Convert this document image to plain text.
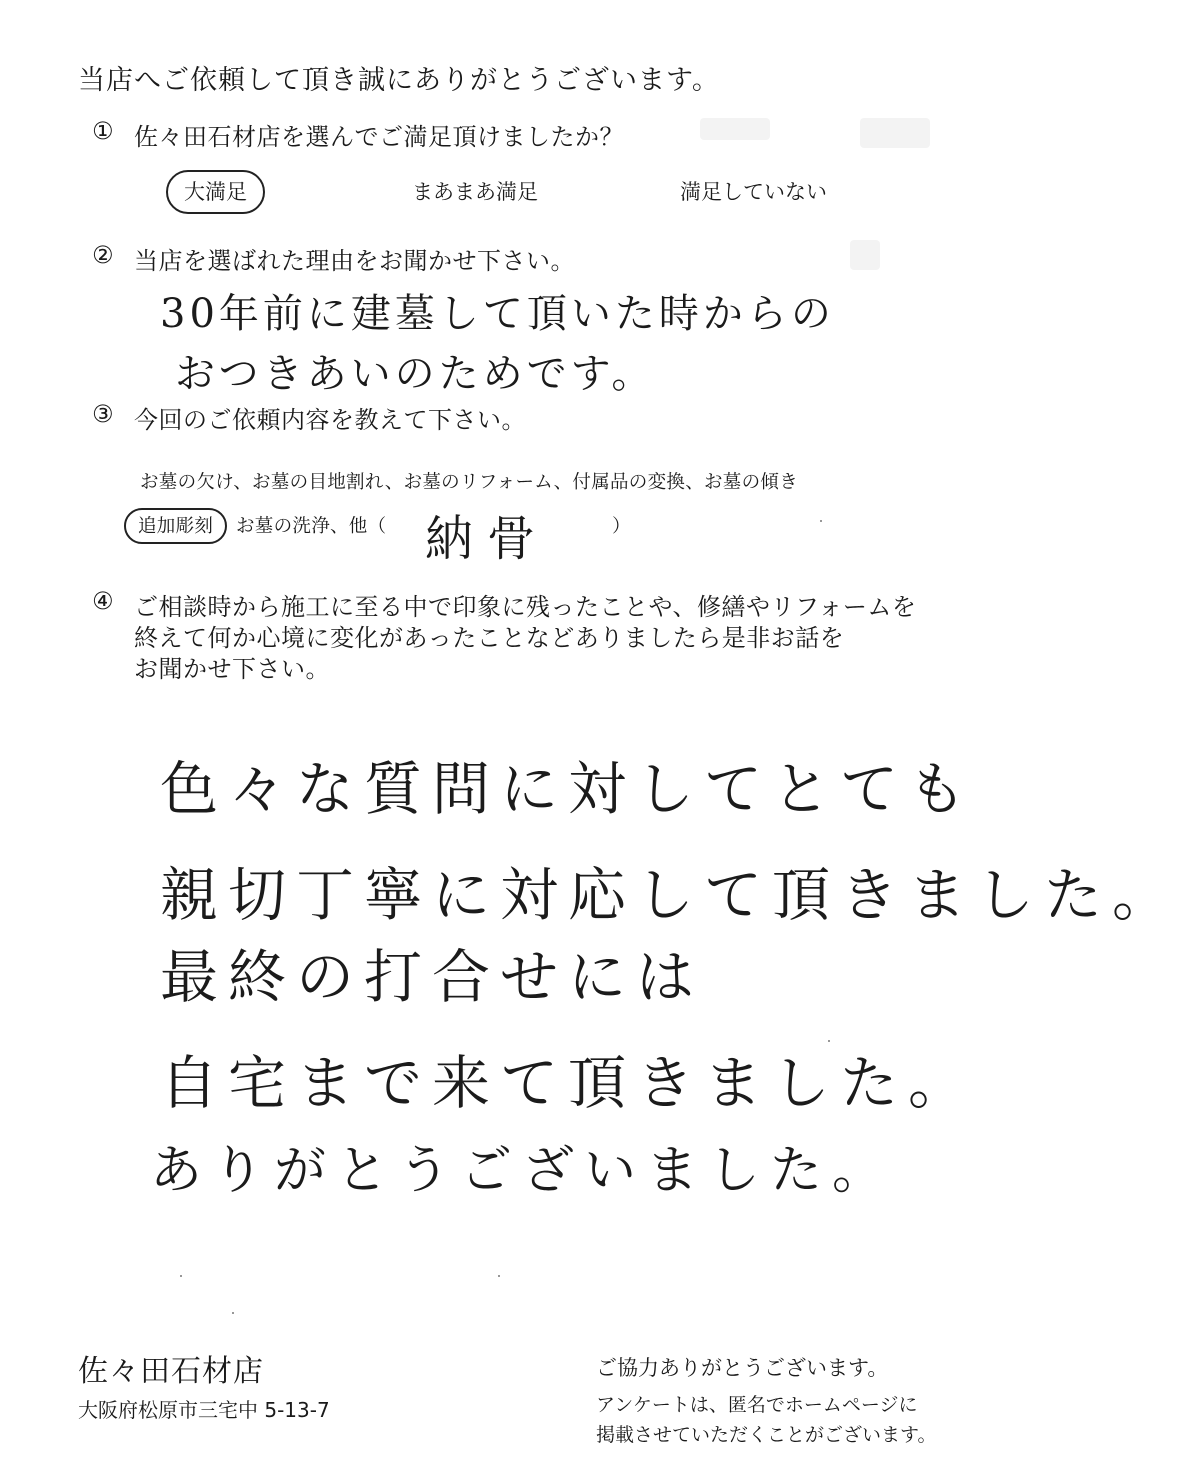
当店へご依頼して頂き誠にありがとうございます。
① 佐々田石材店を選んでご満足頂けましたか？
大満足	まあまあ満足	満足していない
② 当店を選ばれた理由をお聞かせ下さい。
30年前に建墓して頂いた時からの
おつきあいのためです。
③ 今回のご依頼内容を教えて下さい。
お墓の欠け、お墓の目地割れ、お墓のリフォーム、付属品の変換、お墓の傾き
追加彫刻	お墓の洗浄、他（ 納骨	）
④ ご相談時から施工に至る中で印象に残ったことや、修繕やリフォームを
終えて何か心境に変化があったことなどありましたら是非お話を
お聞かせ下さい。
色々な質問に対してとても
親切丁寧に対応して頂きました。
最終の打合せには
自宅まで来て頂きました。
ありがとうございました。
佐々田石材店
大阪府松原市三宅中 5-13-7
ご協力ありがとうございます。
アンケートは、匿名でホームページに
掲載させていただくことがございます。
